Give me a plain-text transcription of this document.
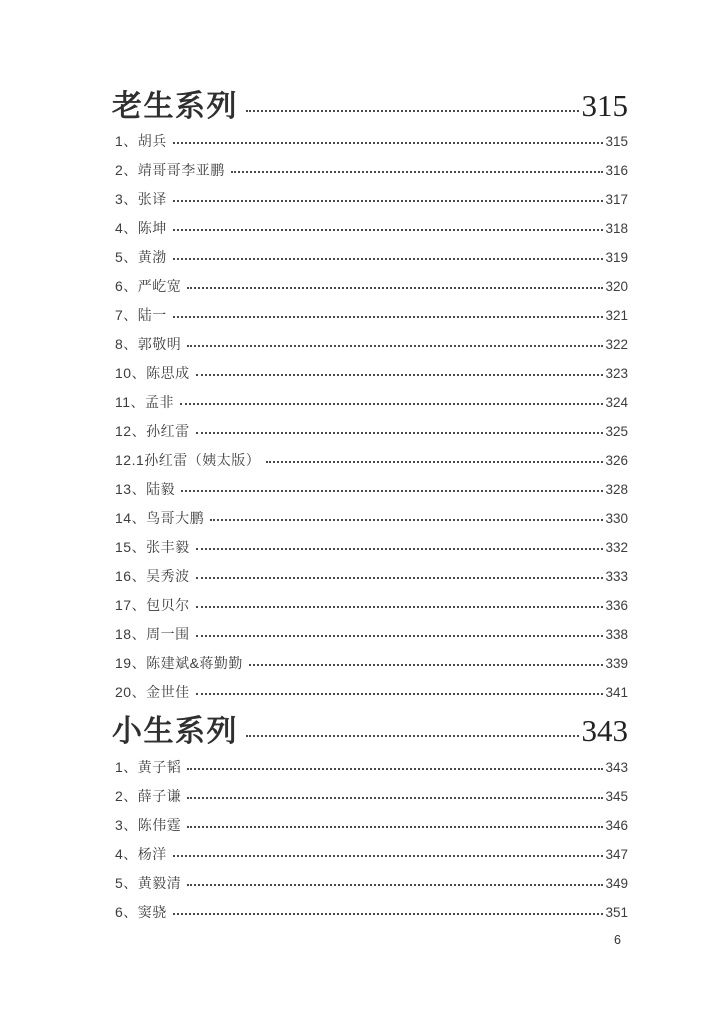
老生系列	315
1、胡兵	315
2、靖哥哥李亚鹏	316
3、张译	317
4、陈坤	318
5、黄渤	319
6、严屹宽	320
7、陆一	321
8、郭敬明	322
10、陈思成	323
11、孟非	324
12、孙红雷	325
12.1孙红雷（姨太版）	326
13、陆毅	328
14、鸟哥大鹏	330
15、张丰毅	332
16、吴秀波	333
17、包贝尔	336
18、周一围	338
19、陈建斌&蒋勤勤	339
20、金世佳	341
小生系列	343
1、黄子韬	343
2、薛子谦	345
3、陈伟霆	346
4、杨洋	347
5、黄毅清	349
6、窦骁	351
6
